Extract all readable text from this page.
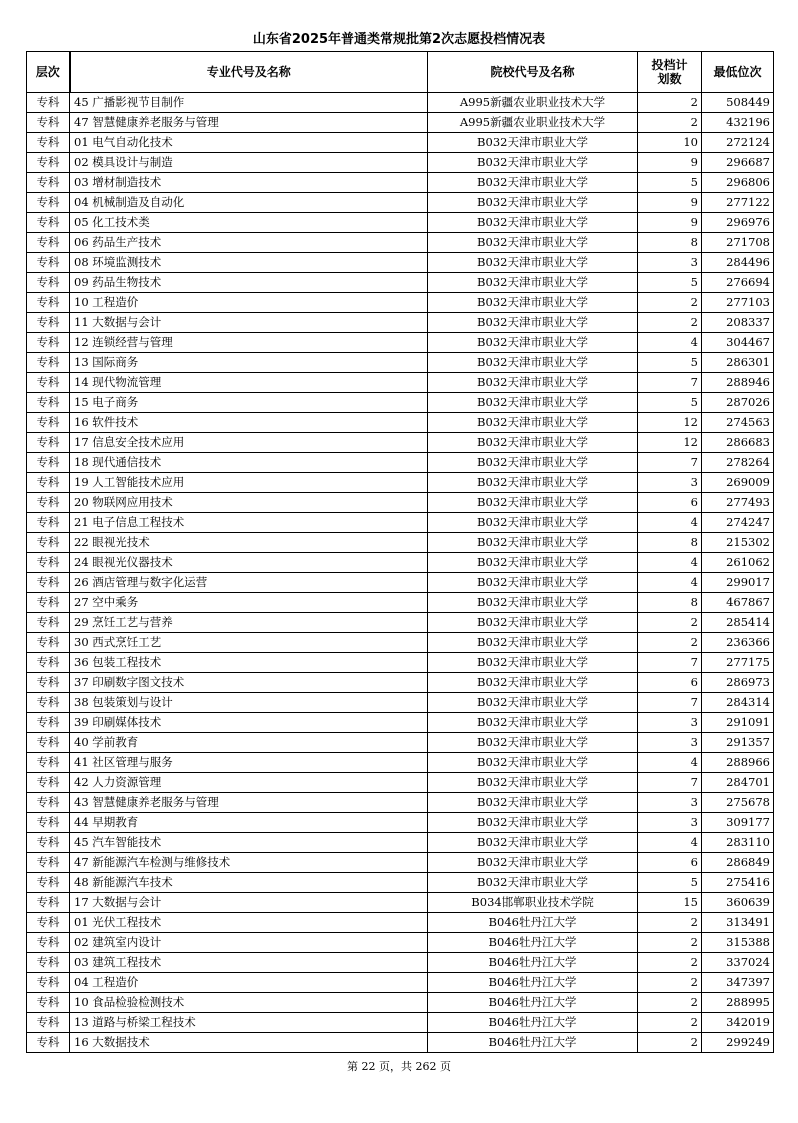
山东省2025年普通类常规批第2次志愿投档情况表
层次	专业代号及名称	院校代号及名称	投档计划数	最低位次
专科	45 广播影视节目制作	A995新疆农业职业技术大学	2	508449
专科	47 智慧健康养老服务与管理	A995新疆农业职业技术大学	2	432196
专科	01 电气自动化技术	B032天津市职业大学	10	272124
专科	02 模具设计与制造	B032天津市职业大学	9	296687
专科	03 增材制造技术	B032天津市职业大学	5	296806
专科	04 机械制造及自动化	B032天津市职业大学	9	277122
专科	05 化工技术类	B032天津市职业大学	9	296976
专科	06 药品生产技术	B032天津市职业大学	8	271708
专科	08 环境监测技术	B032天津市职业大学	3	284496
专科	09 药品生物技术	B032天津市职业大学	5	276694
专科	10 工程造价	B032天津市职业大学	2	277103
专科	11 大数据与会计	B032天津市职业大学	2	208337
专科	12 连锁经营与管理	B032天津市职业大学	4	304467
专科	13 国际商务	B032天津市职业大学	5	286301
专科	14 现代物流管理	B032天津市职业大学	7	288946
专科	15 电子商务	B032天津市职业大学	5	287026
专科	16 软件技术	B032天津市职业大学	12	274563
专科	17 信息安全技术应用	B032天津市职业大学	12	286683
专科	18 现代通信技术	B032天津市职业大学	7	278264
专科	19 人工智能技术应用	B032天津市职业大学	3	269009
专科	20 物联网应用技术	B032天津市职业大学	6	277493
专科	21 电子信息工程技术	B032天津市职业大学	4	274247
专科	22 眼视光技术	B032天津市职业大学	8	215302
专科	24 眼视光仪器技术	B032天津市职业大学	4	261062
专科	26 酒店管理与数字化运营	B032天津市职业大学	4	299017
专科	27 空中乘务	B032天津市职业大学	8	467867
专科	29 烹饪工艺与营养	B032天津市职业大学	2	285414
专科	30 西式烹饪工艺	B032天津市职业大学	2	236366
专科	36 包装工程技术	B032天津市职业大学	7	277175
专科	37 印刷数字图文技术	B032天津市职业大学	6	286973
专科	38 包装策划与设计	B032天津市职业大学	7	284314
专科	39 印刷媒体技术	B032天津市职业大学	3	291091
专科	40 学前教育	B032天津市职业大学	3	291357
专科	41 社区管理与服务	B032天津市职业大学	4	288966
专科	42 人力资源管理	B032天津市职业大学	7	284701
专科	43 智慧健康养老服务与管理	B032天津市职业大学	3	275678
专科	44 早期教育	B032天津市职业大学	3	309177
专科	45 汽车智能技术	B032天津市职业大学	4	283110
专科	47 新能源汽车检测与维修技术	B032天津市职业大学	6	286849
专科	48 新能源汽车技术	B032天津市职业大学	5	275416
专科	17 大数据与会计	B034邯郸职业技术学院	15	360639
专科	01 光伏工程技术	B046牡丹江大学	2	313491
专科	02 建筑室内设计	B046牡丹江大学	2	315388
专科	03 建筑工程技术	B046牡丹江大学	2	337024
专科	04 工程造价	B046牡丹江大学	2	347397
专科	10 食品检验检测技术	B046牡丹江大学	2	288995
专科	13 道路与桥梁工程技术	B046牡丹江大学	2	342019
专科	16 大数据技术	B046牡丹江大学	2	299249
第 22 页，共 262 页
